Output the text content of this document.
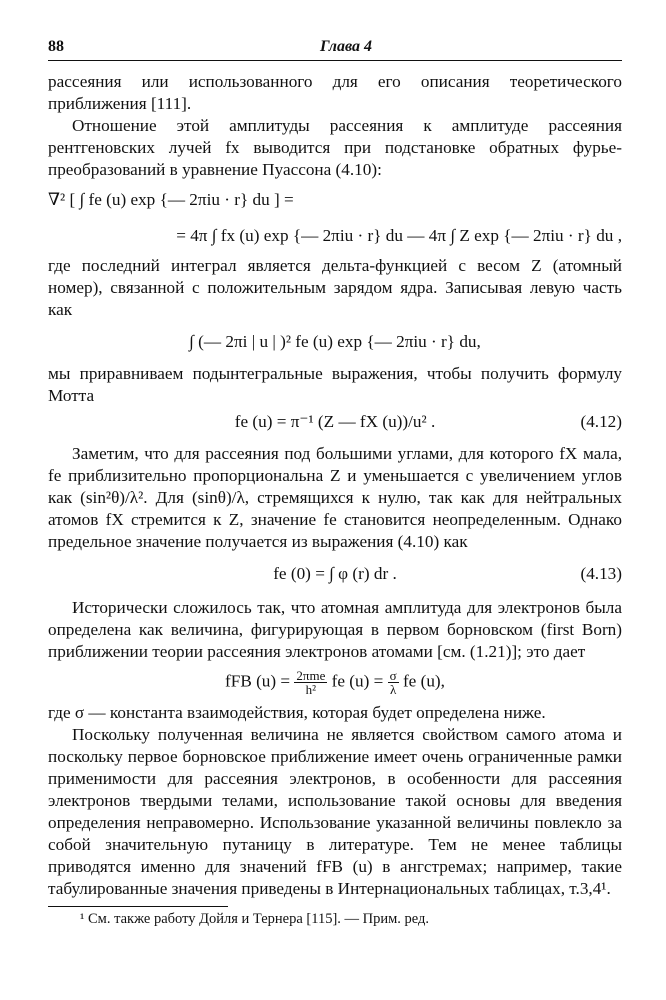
88	Глава 4

рассеяния или использованного для его описания теоретического приближения [111].

Отношение этой амплитуды рассеяния к амплитуде рассеяния рентгеновских лучей fx выводится при подстановке обратных фурье-преобразований в уравнение Пуассона (4.10):

∇² [ ∫ fe (u) exp {— 2πiu · r} du ] =
= 4π ∫ fx (u) exp {— 2πiu · r} du — 4π ∫ Z exp {— 2πiu · r} du ,

где последний интеграл является дельта-функцией с весом Z (атомный номер), связанной с положительным зарядом ядра. Записывая левую часть как

∫ (— 2πi | u | )² fe (u) exp {— 2πiu · r} du,

мы приравниваем подынтегральные выражения, чтобы получить формулу Мотта

fe (u) = π⁻¹ (Z — fX (u))/u² .	(4.12)

Заметим, что для рассеяния под большими углами, для которого fX мала, fe приблизительно пропорциональна Z и уменьшается с увеличением углов как (sin²θ)/λ². Для (sinθ)/λ, стремящихся к нулю, так как для нейтральных атомов fX стремится к Z, значение fe становится неопределенным. Однако предельное значение получается из выражения (4.10) как

fe (0) = ∫ φ (r) dr .	(4.13)

Исторически сложилось так, что атомная амплитуда для электронов была определена как величина, фигурирующая в первом борновском (first Born) приближении теории рассеяния электронов атомами [см. (1.21)]; это дает

fFB $(u) = \frac{\text{2πme}}{\text{h²}}$ fe $(u) = \frac{\sigma}{\lambda}$ fe (u),

где σ — константа взаимодействия, которая будет определена ниже.

Поскольку полученная величина не является свойством самого атома и поскольку первое борновское приближение имеет очень ограниченные рамки применимости для рассеяния электронов, в особенности для рассеяния электронов твердыми телами, использование такой основы для введения определения неправомерно. Использование указанной величины повлекло за собой значительную путаницу в литературе. Тем не менее таблицы приводятся именно для значений fFB (u) в ангстремах; например, такие табулированные значения приведены в Интернациональных таблицах, т.3,4¹.

¹ См. также работу Дойля и Тернера [115]. — Прим. ред.
